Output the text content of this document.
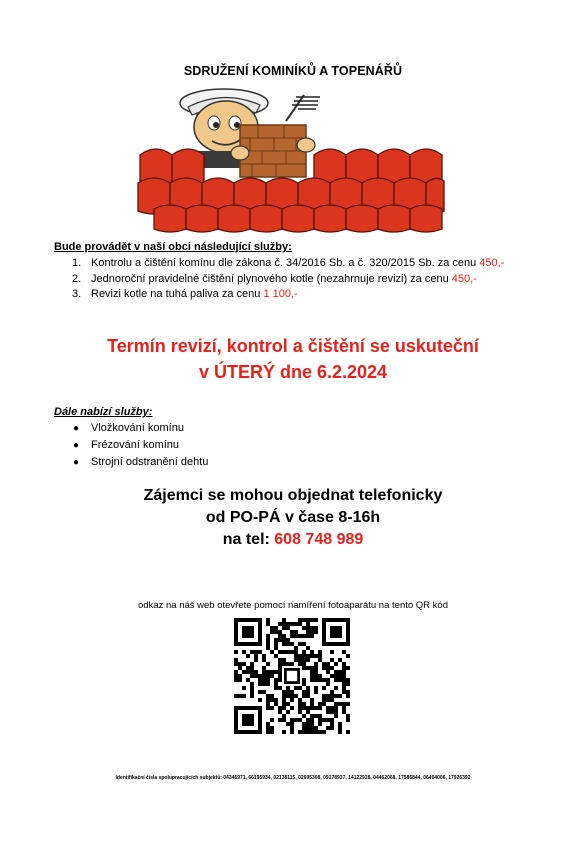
SDRUŽENÍ KOMINÍKŮ A TOPENÁŘŮ
Bude provádět v naší obci následující služby:
1. Kontrolu a čištění komínu dle zákona č. 34/2016 Sb. a č. 320/2015 Sb. za cenu 450,-
2. Jednoroční pravidelné čištění plynového kotle (nezahrnuje revizi) za cenu 450,-
3. Revizi kotle na tuhá paliva za cenu 1 100,-
Termín revizí, kontrol a čištění se uskuteční
v ÚTERÝ dne 6.2.2024
Dále nabízí služby:
● Vložkování komínu
● Frézování komínu
● Strojní odstranění dehtu
Zájemci se mohou objednat telefonicky
od PO-PÁ v čase 8-16h
na tel: 608 748 989
odkaz na náš web otevřete pomocí namíření fotoaparátu na tento QR kód
Identifikační čísla spolupracujících subjektů: 04346971, 66195934, 02138115, 02695308, 09178937, 14122928, 04462068, 17586844, 06404006, 17926392
